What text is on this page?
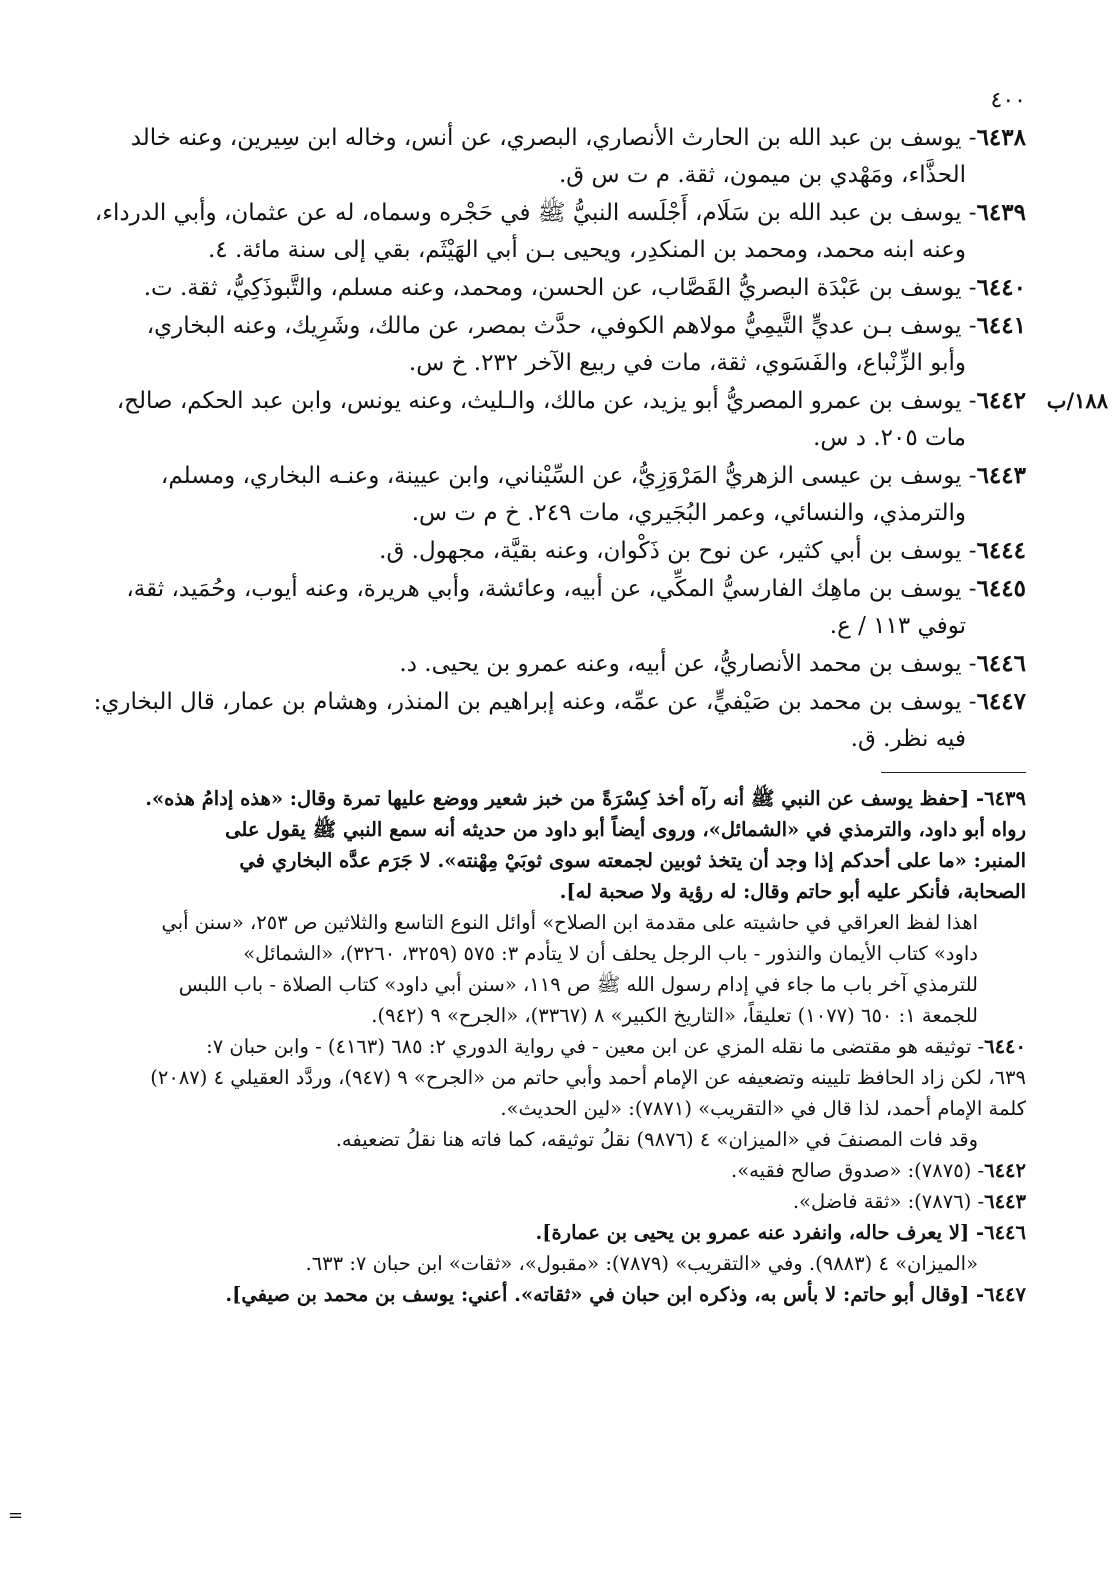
٤٠٠
٦٤٣٨- يوسف بن عبد الله بن الحارث الأنصاري، البصري، عن أنس، وخاله ابن سِيرين، وعنه خالد
الحذَّاء، ومَهْدي بن ميمون، ثقة. م ت س ق.
٦٤٣٩- يوسف بن عبد الله بن سَلَام، أَجْلَسه النبيُّ ﷺ في حَجْره وسماه، له عن عثمان، وأبي الدرداء،
وعنه ابنه محمد، ومحمد بن المنكدِر، ويحيى بـن أبي الهَيْثَم، بقي إلى سنة مائة. ٤.
٦٤٤٠- يوسف بن عَبْدَة البصريُّ القَصَّاب، عن الحسن، ومحمد، وعنه مسلم، والتَّبوذَكِيُّ، ثقة. ت.
٦٤٤١- يوسف بـن عديٍّ التَّيمِيُّ مولاهم الكوفي، حدَّث بمصر، عن مالك، وشَرِيك، وعنه البخاري،
وأبو الزِّنْباع، والفَسَوي، ثقة، مات في ربيع الآخر ٢٣٢. خ س.
١٨٨/ب
٦٤٤٢- يوسف بن عمرو المصريُّ أبو يزيد، عن مالك، والـليث، وعنه يونس، وابن عبد الحكم، صالح،
مات ٢٠٥. د س.
٦٤٤٣- يوسف بن عيسى الزهريُّ المَرْوَزِيُّ، عن السِّيْناني، وابن عيينة، وعنـه البخاري، ومسلم،
والترمذي، والنسائي، وعمر البُجَيري، مات ٢٤٩. خ م ت س.
٦٤٤٤- يوسف بن أبي كثير، عن نوح بن ذَكْوان، وعنه بقيَّة، مجهول. ق.
٦٤٤٥- يوسف بن ماهِك الفارسيُّ المكِّي، عن أبيه، وعائشة، وأبي هريرة، وعنه أيوب، وحُمَيد، ثقة،
توفي ١١٣ / ع.
٦٤٤٦- يوسف بن محمد الأنصاريُّ، عن أبيه، وعنه عمرو بن يحيى. د.
٦٤٤٧- يوسف بن محمد بن صَيْفيٍّ، عن عمِّه، وعنه إبراهيم بن المنذر، وهشام بن عمار، قال البخاري:
فيه نظر. ق.
٦٤٣٩- [حفظ يوسف عن النبي ﷺ أنه رآه أخذ كِسْرَةً من خبز شعير ووضع عليها تمرة وقال: «هذه إدامُ هذه».
رواه أبو داود، والترمذي في «الشمائل»، وروى أيضاً أبو داود من حديثه أنه سمع النبي ﷺ يقول على
المنبر: «ما على أحدكم إذا وجد أن يتخذ ثوبين لجمعته سوى ثوبَيْ مِهْنته». لا جَرَم عدَّه البخاري في
الصحابة، فأنكر عليه أبو حاتم وقال: له رؤية ولا صحبة له].
اهذا لفظ العراقي في حاشيته على مقدمة ابن الصلاح» أوائل النوع التاسع والثلاثين ص ٢٥٣، «سنن أبي
داود» كتاب الأيمان والنذور - باب الرجل يحلف أن لا يتأدم ٣: ٥٧٥ (٣٢٥٩، ٣٢٦٠)، «الشمائل»
للترمذي آخر باب ما جاء في إدام رسول الله ﷺ ص ١١٩، «سنن أبي داود» كتاب الصلاة - باب اللبس
للجمعة ١: ٦٥٠ (١٠٧٧) تعليقاً، «التاريخ الكبير» ٨ (٣٣٦٧)، «الجرح» ٩ (٩٤٢).
٦٤٤٠- توثيقه هو مقتضى ما نقله المزي عن ابن معين - في رواية الدوري ٢: ٦٨٥ (٤١٦٣) - وابن حبان ٧:
٦٣٩، لكن زاد الحافظ تليينه وتضعيفه عن الإمام أحمد وأبي حاتم من «الجرح» ٩ (٩٤٧)، وردَّد العقيلي ٤ (٢٠٨٧)
كلمة الإمام أحمد، لذا قال في «التقريب» (٧٨٧١): «لين الحديث».
وقد فات المصنفَ في «الميزان» ٤ (٩٨٧٦) نقلُ توثيقه، كما فاته هنا نقلُ تضعيفه.
٦٤٤٢- (٧٨٧٥): «صدوق صالح فقيه».
٦٤٤٣- (٧٨٧٦): «ثقة فاضل».
٦٤٤٦- [لا يعرف حاله، وانفرد عنه عمرو بن يحيى بن عمارة].
«الميزان» ٤ (٩٨٨٣). وفي «التقريب» (٧٨٧٩): «مقبول»، «ثقات» ابن حبان ٧: ٦٣٣.
٦٤٤٧- [وقال أبو حاتم: لا بأس به، وذكره ابن حبان في «ثقاته». أعني: يوسف بن محمد بن صيفي].
=
